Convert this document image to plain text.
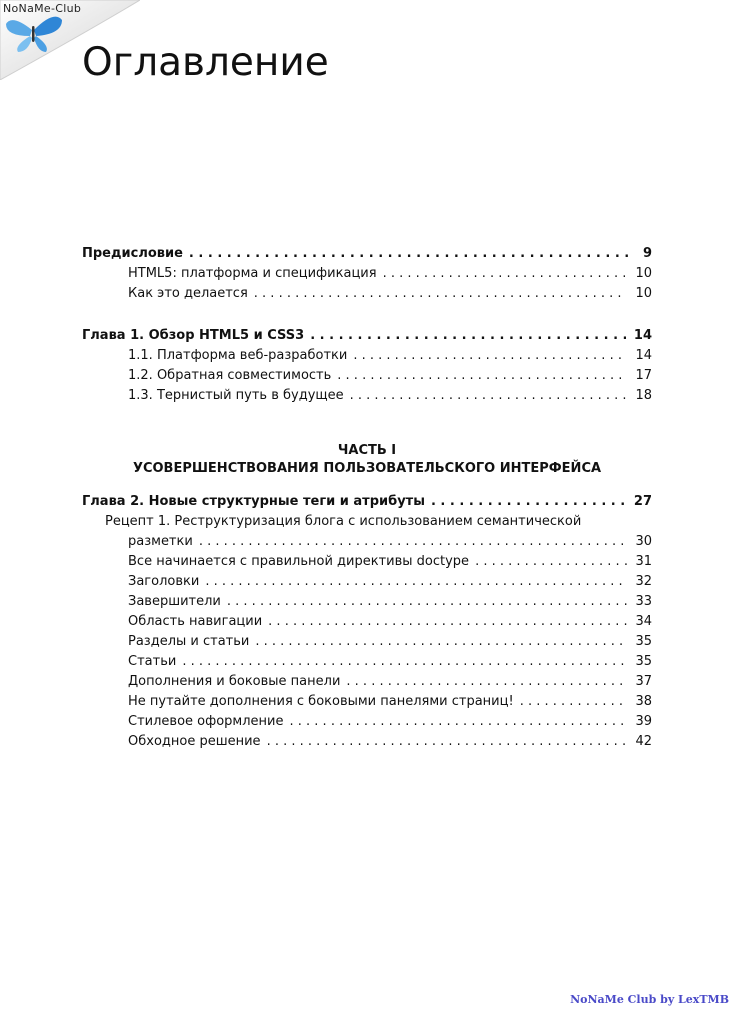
NoNaMe-Club
Оглавление
Предисловие . . .	9
HTML5: платформа и спецификация . . .	10
Как это делается . . .	10
Глава 1. Обзор HTML5 и CSS3 . . .	14
1.1. Платформа веб-разработки . . .	14
1.2. Обратная совместимость . . .	17
1.3. Тернистый путь в будущее . . .	18
ЧАСТЬ I
УСОВЕРШЕНСТВОВАНИЯ ПОЛЬЗОВАТЕЛЬСКОГО ИНТЕРФЕЙСА
Глава 2. Новые структурные теги и атрибуты . . .	27
Рецепт 1. Реструктуризация блога с использованием семантической
разметки . . .	30
Все начинается с правильной директивы doctype . . .	31
Заголовки . . .	32
Завершители . . .	33
Область навигации . . .	34
Разделы и статьи . . .	35
Статьи . . .	35
Дополнения и боковые панели . . .	37
Не путайте дополнения с боковыми панелями страниц! . . .	38
Стилевое оформление . . .	39
Обходное решение . . .	42
NoNaMe Club by LexTMB
